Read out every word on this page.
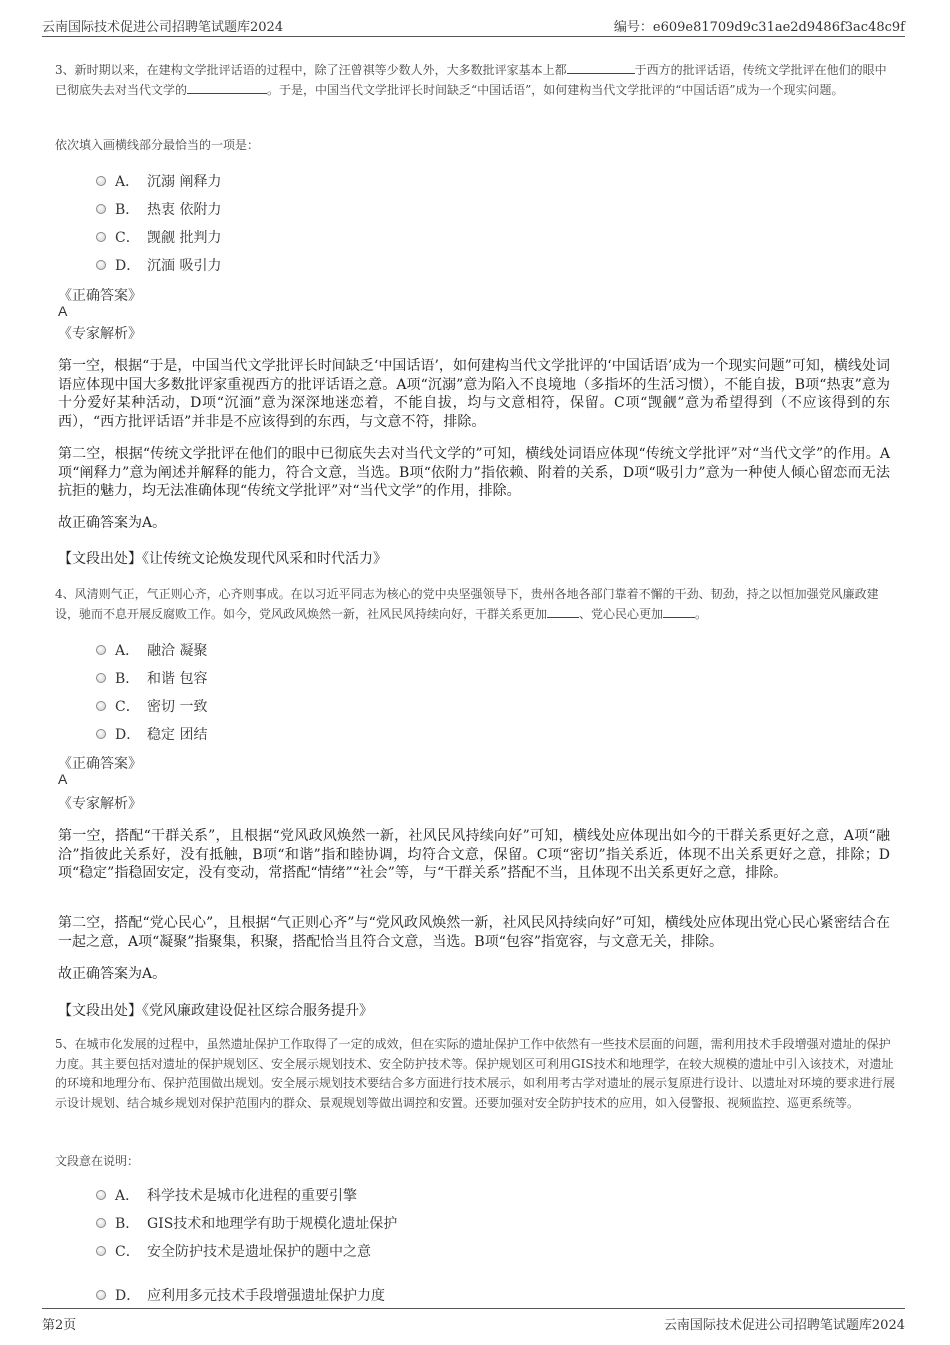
云南国际技术促进公司招聘笔试题库2024	编号：e609e81709d9c31ae2d9486f3ac48c9f
3、新时期以来，在建构文学批评话语的过程中，除了汪曾祺等少数人外，大多数批评家基本上都	于西方的批评话语，传统文学批评在他们的眼中已彻底失去对当代文学的	。于是，中国当代文学批评长时间缺乏“中国话语”，如何建构当代文学批评的“中国话语”成为一个现实问题。
依次填入画横线部分最恰当的一项是：
A． 沉溺 阐释力
B． 热衷 依附力
C． 觊觎 批判力
D． 沉湎 吸引力
《正确答案》
A
《专家解析》
第一空，根据“于是，中国当代文学批评长时间缺乏‘中国话语’，如何建构当代文学批评的‘中国话语’成为一个现实问题”可知，横线处词语应体现中国大多数批评家重视西方的批评话语之意。A项“沉溺”意为陷入不良境地（多指坏的生活习惯），不能自拔，B项“热衷”意为十分爱好某种活动，D项“沉湎”意为深深地迷恋着，不能自拔，均与文意相符，保留。C项“觊觎”意为希望得到（不应该得到的东西），“西方批评话语”并非是不应该得到的东西，与文意不符，排除。
第二空，根据“传统文学批评在他们的眼中已彻底失去对当代文学的”可知，横线处词语应体现“传统文学批评”对“当代文学”的作用。A项“阐释力”意为阐述并解释的能力，符合文意，当选。B项“依附力”指依赖、附着的关系，D项“吸引力”意为一种使人倾心留恋而无法抗拒的魅力，均无法准确体现“传统文学批评”对“当代文学”的作用，排除。
故正确答案为A。
【文段出处】《让传统文论焕发现代风采和时代活力》
4、风清则气正，气正则心齐，心齐则事成。在以习近平同志为核心的党中央坚强领导下，贵州各地各部门靠着不懈的干劲、韧劲，持之以恒加强党风廉政建设，驰而不息开展反腐败工作。如今，党风政风焕然一新，社风民风持续向好，干群关系更加	、党心民心更加	。
A． 融洽 凝聚
B． 和谐 包容
C． 密切 一致
D． 稳定 团结
《正确答案》
A
《专家解析》
第一空，搭配“干群关系”，且根据“党风政风焕然一新，社风民风持续向好”可知，横线处应体现出如今的干群关系更好之意，A项“融洽”指彼此关系好，没有抵触，B项“和谐”指和睦协调，均符合文意，保留。C项“密切”指关系近，体现不出关系更好之意，排除；D项“稳定”指稳固安定，没有变动，常搭配“情绪”“社会”等，与“干群关系”搭配不当，且体现不出关系更好之意，排除。
第二空，搭配“党心民心”，且根据“气正则心齐”与“党风政风焕然一新，社风民风持续向好”可知，横线处应体现出党心民心紧密结合在一起之意，A项“凝聚”指聚集，积聚，搭配恰当且符合文意，当选。B项“包容”指宽容，与文意无关，排除。
故正确答案为A。
【文段出处】《党风廉政建设促社区综合服务提升》
5、在城市化发展的过程中，虽然遗址保护工作取得了一定的成效，但在实际的遗址保护工作中依然有一些技术层面的问题，需利用技术手段增强对遗址的保护力度。其主要包括对遗址的保护规划区、安全展示规划技术、安全防护技术等。保护规划区可利用GIS技术和地理学，在较大规模的遗址中引入该技术，对遗址的环境和地理分布、保护范围做出规划。安全展示规划技术要结合多方面进行技术展示，如利用考古学对遗址的展示复原进行设计、以遗址对环境的要求进行展示设计规划、结合城乡规划对保护范围内的群众、景观规划等做出调控和安置。还要加强对安全防护技术的应用，如入侵警报、视频监控、巡更系统等。
文段意在说明：
A． 科学技术是城市化进程的重要引擎
B． GIS技术和地理学有助于规模化遗址保护
C． 安全防护技术是遗址保护的题中之意
D． 应利用多元技术手段增强遗址保护力度
第2页	云南国际技术促进公司招聘笔试题库2024
